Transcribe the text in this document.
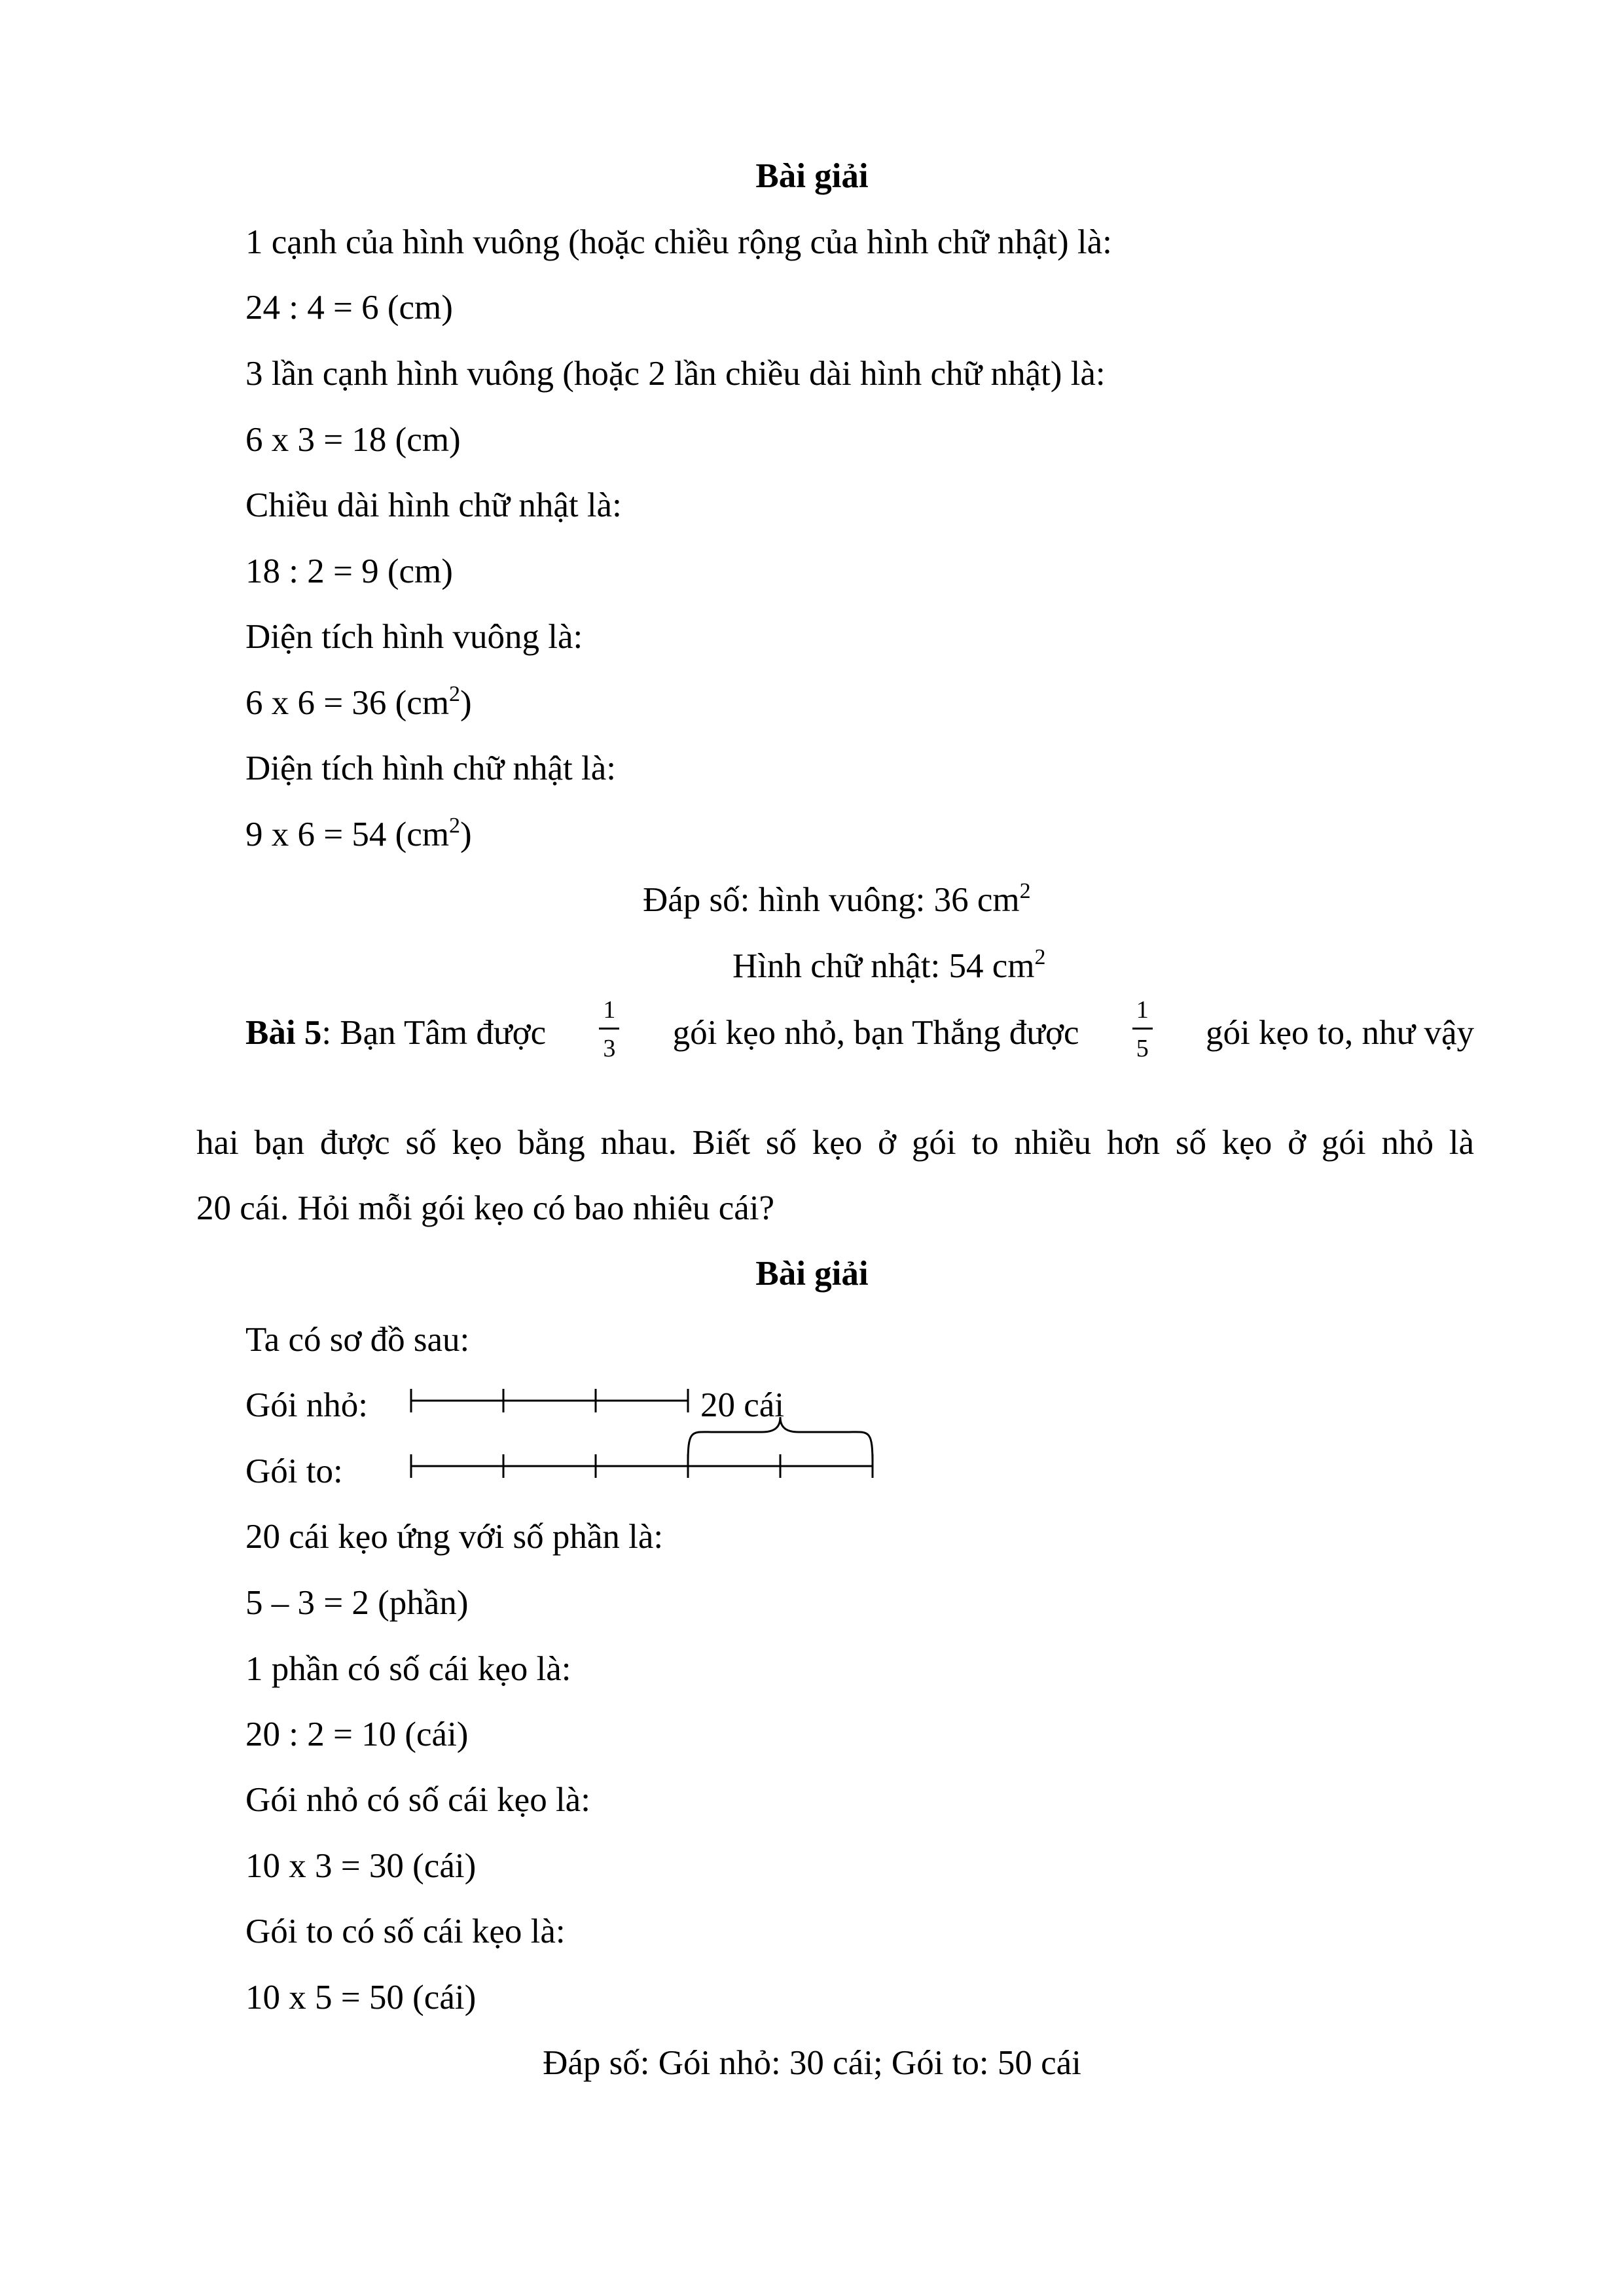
Bài giải
1 cạnh của hình vuông (hoặc chiều rộng của hình chữ nhật) là:
24 : 4 = 6 (cm)
3 lần cạnh hình vuông (hoặc 2 lần chiều dài hình chữ nhật) là:
6 x 3 = 18 (cm)
Chiều dài hình chữ nhật là:
18 : 2 = 9 (cm)
Diện tích hình vuông là:
6 x 6 = 36 $(cm^2)$
Diện tích hình chữ nhật là:
9 x 6 = 54 $(cm^2)$
Đáp số: hình vuông: 36 $cm^2$
Hình chữ nhật: 54 $cm^2$
Bài 5: Bạn Tâm được $\frac{1}{3}$ gói kẹo nhỏ, bạn Thắng được $\frac{1}{5}$ gói kẹo to, như vậy
hai bạn được số kẹo bằng nhau. Biết số kẹo ở gói to nhiều hơn số kẹo ở gói nhỏ là
20 cái. Hỏi mỗi gói kẹo có bao nhiêu cái?
Bài giải
Ta có sơ đồ sau:
Gói nhỏ:	20 cái
Gói to:
20 cái kẹo ứng với số phần là:
5 – 3 = 2 (phần)
1 phần có số cái kẹo là:
20 : 2 = 10 (cái)
Gói nhỏ có số cái kẹo là:
10 x 3 = 30 (cái)
Gói to có số cái kẹo là:
10 x 5 = 50 (cái)
Đáp số: Gói nhỏ: 30 cái; Gói to: 50 cái
